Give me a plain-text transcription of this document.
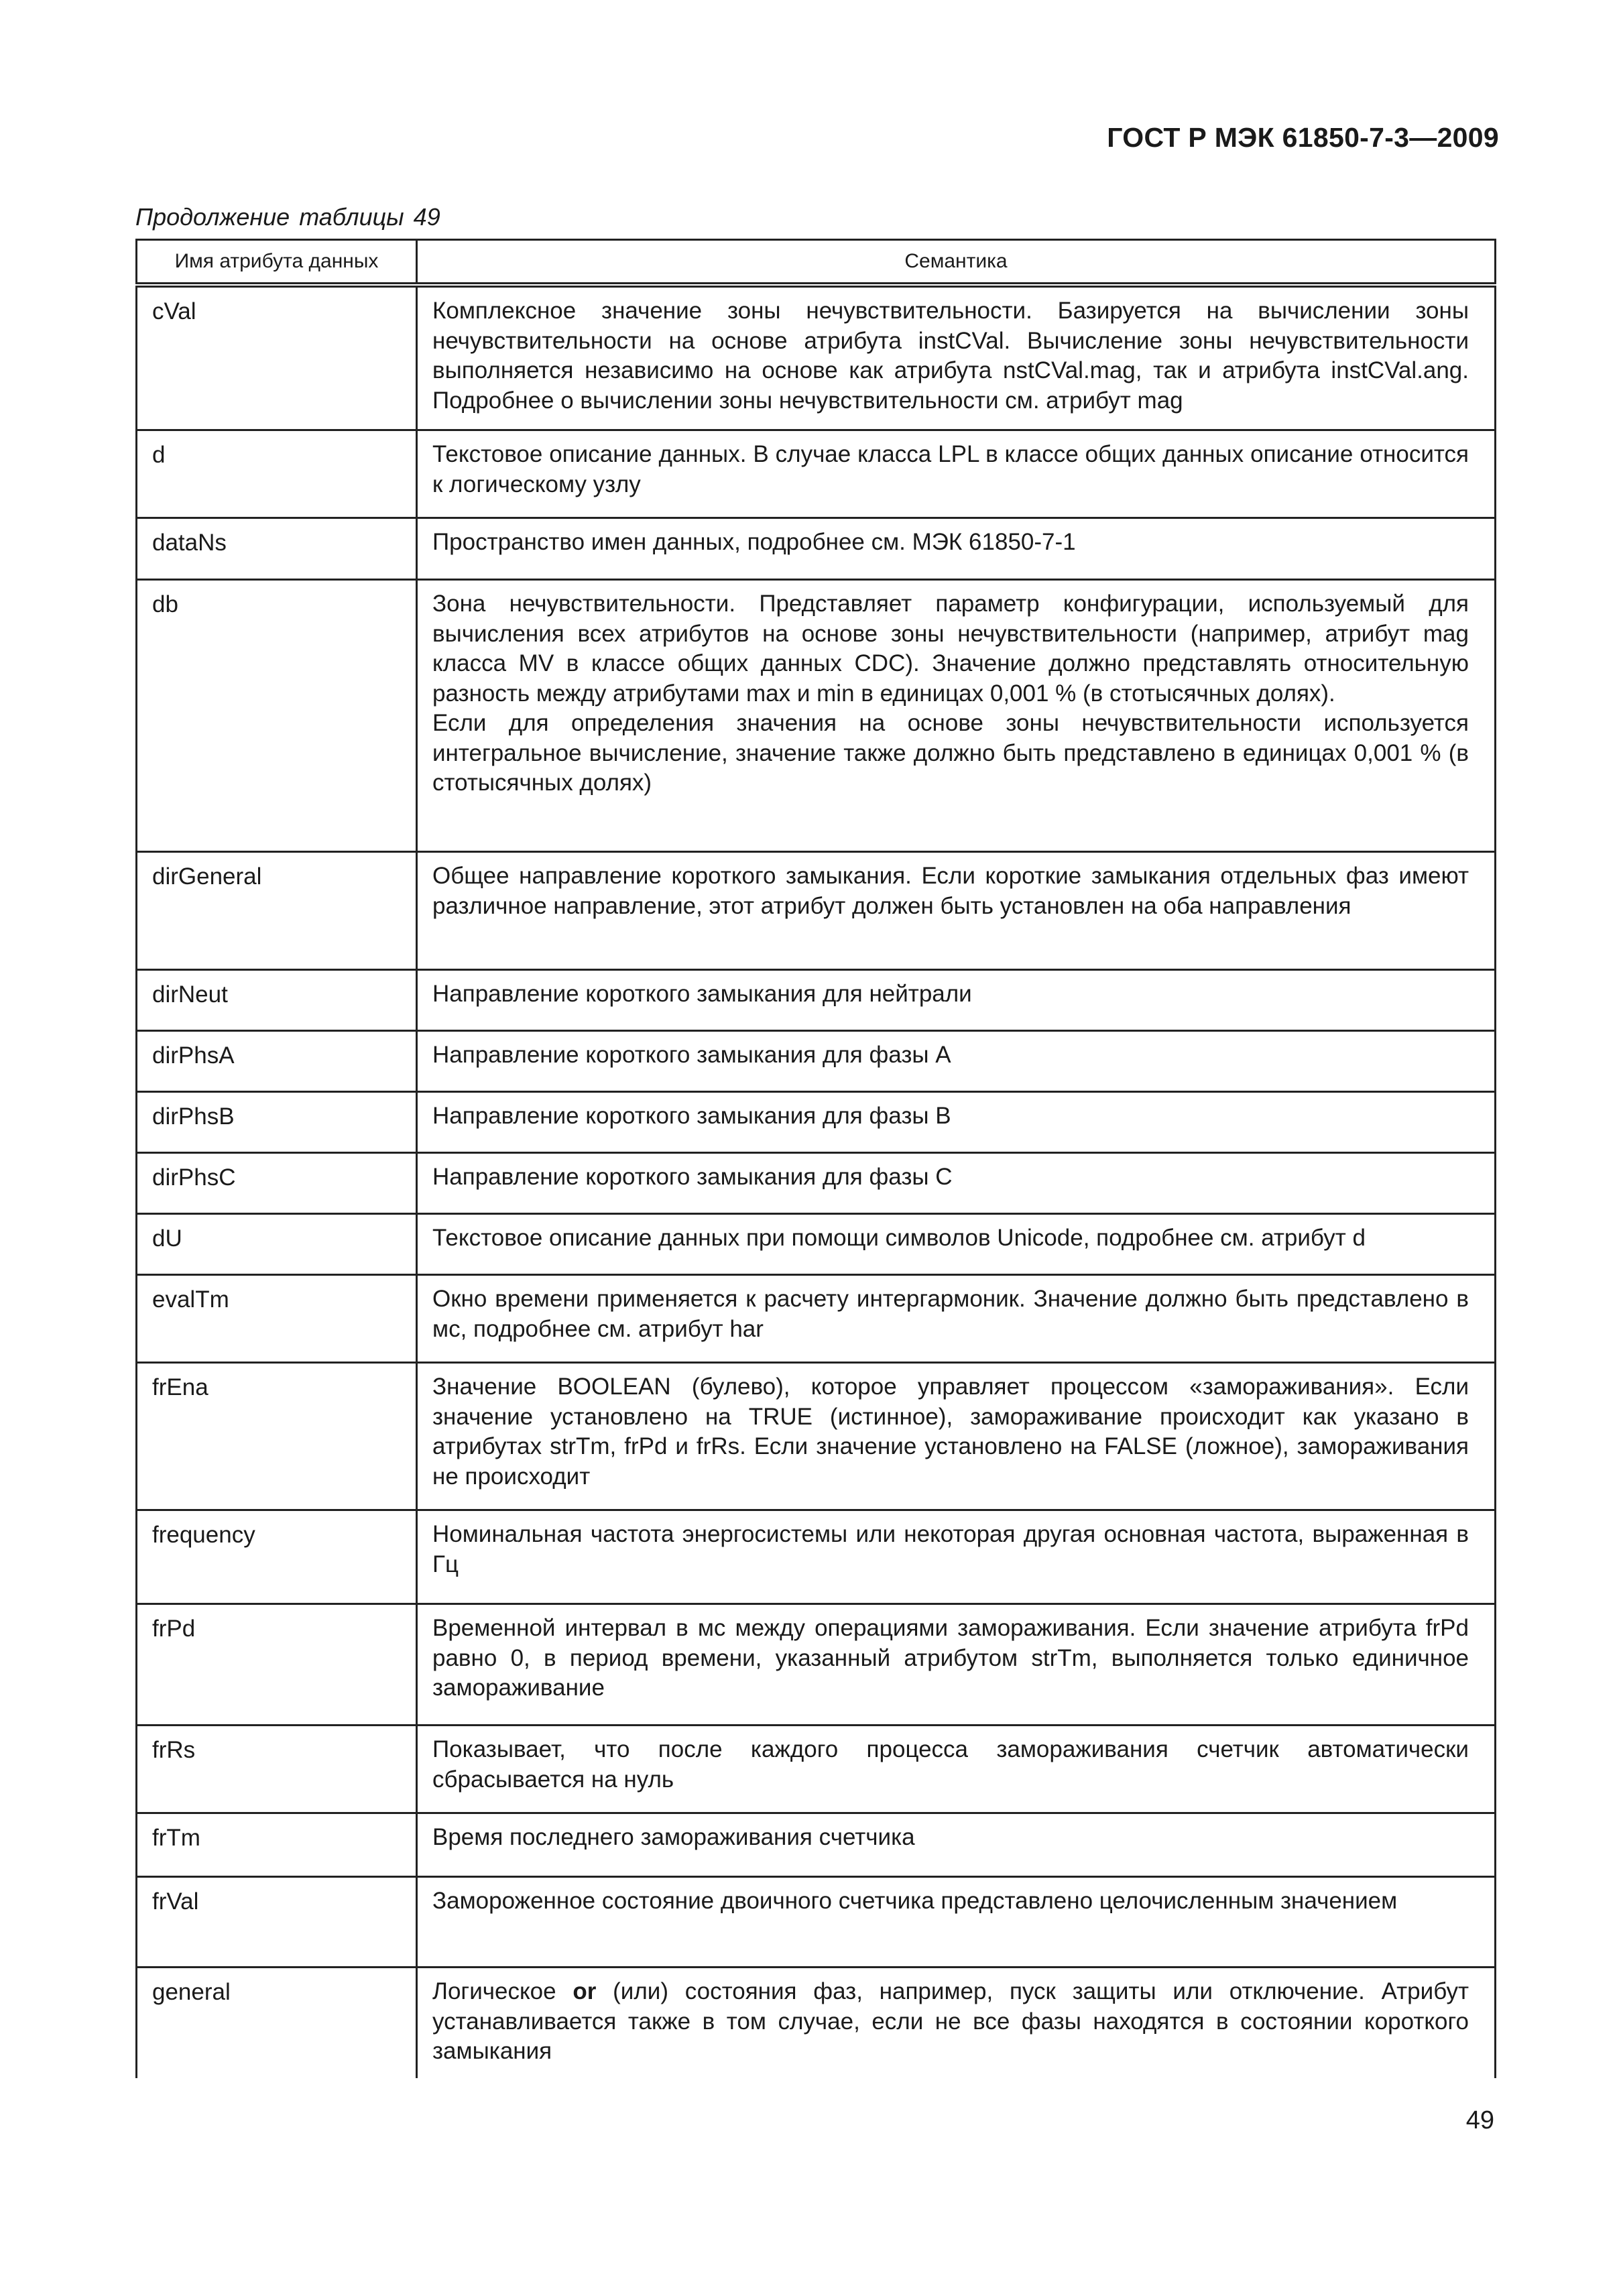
ГОСТ Р МЭК 61850-7-3—2009
Продолжение таблицы 49
Имя атрибута данных	Семантика
cVal	Комплексное значение зоны нечувствительности. Базируется на вычислении зоны нечувствительности на основе атрибута instCVal. Вычисление зоны нечувствительности выполняется независимо на основе как атрибута nstCVal.mag, так и атрибута instCVal.ang. Подробнее о вычислении зоны нечувствительности см. атрибут mag
d	Текстовое описание данных. В случае класса LPL в классе общих данных описание относится к логическому узлу
dataNs	Пространство имен данных, подробнее см. МЭК 61850-7-1
db	Зона нечувствительности. Представляет параметр конфигурации, используемый для вычисления всех атрибутов на основе зоны нечувствительности (например, атрибут mag класса MV в классе общих данных CDC). Значение должно представлять относительную разность между атрибутами max и min в единицах 0,001 % (в стотысячных долях).
Если для определения значения на основе зоны нечувствительности используется интегральное вычисление, значение также должно быть представлено в единицах 0,001 % (в стотысячных долях)

dirGeneral	Общее направление короткого замыкания. Если короткие замыкания отдельных фаз имеют различное направление, этот атрибут должен быть установлен на оба направления
dirNeut	Направление короткого замыкания для нейтрали
dirPhsA	Направление короткого замыкания для фазы А
dirPhsB	Направление короткого замыкания для фазы В
dirPhsC	Направление короткого замыкания для фазы С
dU	Текстовое описание данных при помощи символов Unicode, подробнее см. атрибут d
evalTm	Окно времени применяется к расчету интергармоник. Значение должно быть представлено в мс, подробнее см. атрибут har
frEna	Значение BOOLEAN (булево), которое управляет процессом «замораживания». Если значение установлено на TRUE (истинное), замораживание происходит как указано в атрибутах strTm, frPd и frRs. Если значение установлено на FALSE (ложное), замораживания не происходит
frequency	Номинальная частота энергосистемы или некоторая другая основная частота, выраженная в Гц
frPd	Временной интервал в мс между операциями замораживания. Если значение атрибута frPd равно 0, в период времени, указанный атрибутом strTm, выполняется только единичное замораживание
frRs	Показывает, что после каждого процесса замораживания счетчик автоматически сбрасывается на нуль
frTm	Время последнего замораживания счетчика
frVal	Замороженное состояние двоичного счетчика представлено целочисленным значением
general	Логическое or (или) состояния фаз, например, пуск защиты или отключение. Атрибут устанавливается также в том случае, если не все фазы находятся в состоянии короткого замыкания
49
